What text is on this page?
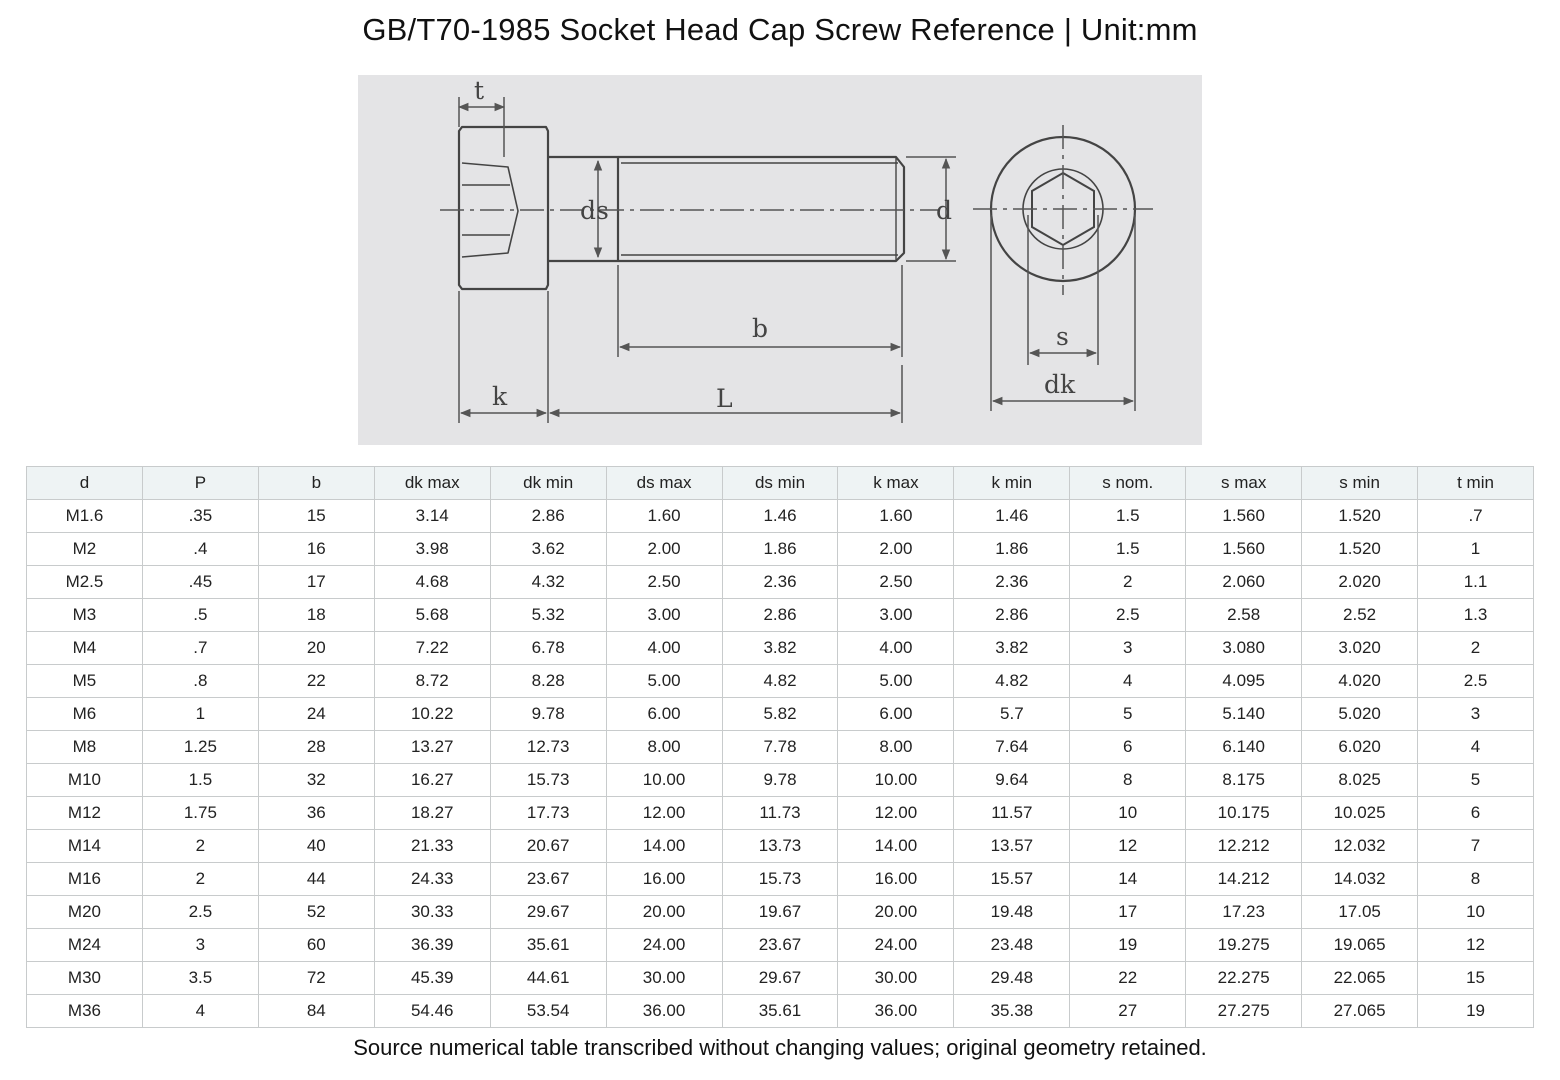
GB/T70-1985 Socket Head Cap Screw Reference | Unit:mm
t
ds	d
b
k	L
s
dk
d	P	b	dk max	dk min	ds max	ds min	k max	k min	s nom.	s max	s min	t min
M1.6	.35	15	3.14	2.86	1.60	1.46	1.60	1.46	1.5	1.560	1.520	.7
M2	.4	16	3.98	3.62	2.00	1.86	2.00	1.86	1.5	1.560	1.520	1
M2.5	.45	17	4.68	4.32	2.50	2.36	2.50	2.36	2	2.060	2.020	1.1
M3	.5	18	5.68	5.32	3.00	2.86	3.00	2.86	2.5	2.58	2.52	1.3
M4	.7	20	7.22	6.78	4.00	3.82	4.00	3.82	3	3.080	3.020	2
M5	.8	22	8.72	8.28	5.00	4.82	5.00	4.82	4	4.095	4.020	2.5
M6	1	24	10.22	9.78	6.00	5.82	6.00	5.7	5	5.140	5.020	3
M8	1.25	28	13.27	12.73	8.00	7.78	8.00	7.64	6	6.140	6.020	4
M10	1.5	32	16.27	15.73	10.00	9.78	10.00	9.64	8	8.175	8.025	5
M12	1.75	36	18.27	17.73	12.00	11.73	12.00	11.57	10	10.175	10.025	6
M14	2	40	21.33	20.67	14.00	13.73	14.00	13.57	12	12.212	12.032	7
M16	2	44	24.33	23.67	16.00	15.73	16.00	15.57	14	14.212	14.032	8
M20	2.5	52	30.33	29.67	20.00	19.67	20.00	19.48	17	17.23	17.05	10
M24	3	60	36.39	35.61	24.00	23.67	24.00	23.48	19	19.275	19.065	12
M30	3.5	72	45.39	44.61	30.00	29.67	30.00	29.48	22	22.275	22.065	15
M36	4	84	54.46	53.54	36.00	35.61	36.00	35.38	27	27.275	27.065	19
Source numerical table transcribed without changing values; original geometry retained.
